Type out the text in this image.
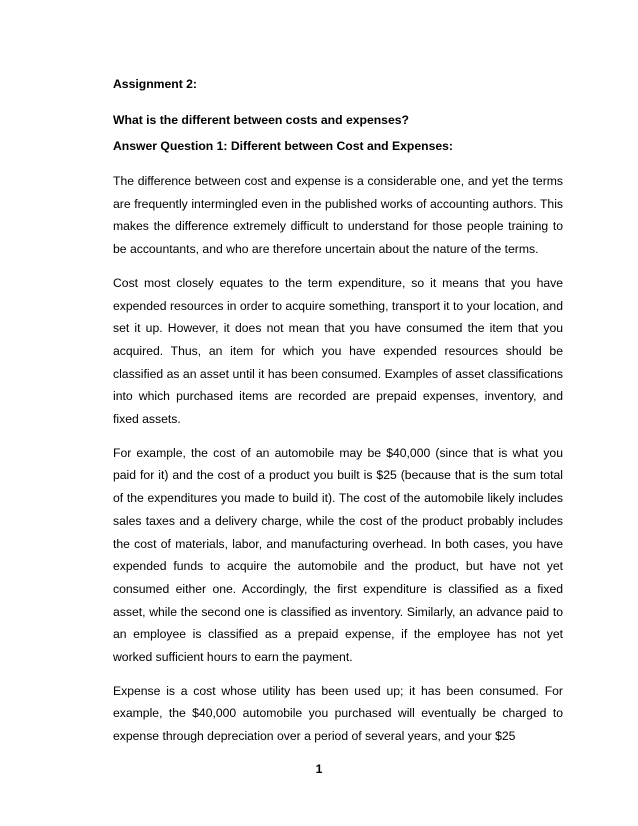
Assignment 2:

What is the different between costs and expenses?

Answer Question 1: Different between Cost and Expenses:

The difference between cost and expense is a considerable one, and yet the terms are frequently intermingled even in the published works of accounting authors. This makes the difference extremely difficult to understand for those people training to be accountants, and who are therefore uncertain about the nature of the terms.

Cost most closely equates to the term expenditure, so it means that you have expended resources in order to acquire something, transport it to your location, and set it up. However, it does not mean that you have consumed the item that you acquired. Thus, an item for which you have expended resources should be classified as an asset until it has been consumed. Examples of asset classifications into which purchased items are recorded are prepaid expenses, inventory, and fixed assets.

For example, the cost of an automobile may be $40,000 (since that is what you paid for it) and the cost of a product you built is $25 (because that is the sum total of the expenditures you made to build it). The cost of the automobile likely includes sales taxes and a delivery charge, while the cost of the product probably includes the cost of materials, labor, and manufacturing overhead. In both cases, you have expended funds to acquire the automobile and the product, but have not yet consumed either one. Accordingly, the first expenditure is classified as a fixed asset, while the second one is classified as inventory. Similarly, an advance paid to an employee is classified as a prepaid expense, if the employee has not yet worked sufficient hours to earn the payment.

Expense is a cost whose utility has been used up; it has been consumed. For example, the $40,000 automobile you purchased will eventually be charged to expense through depreciation over a period of several years, and your $25

1
